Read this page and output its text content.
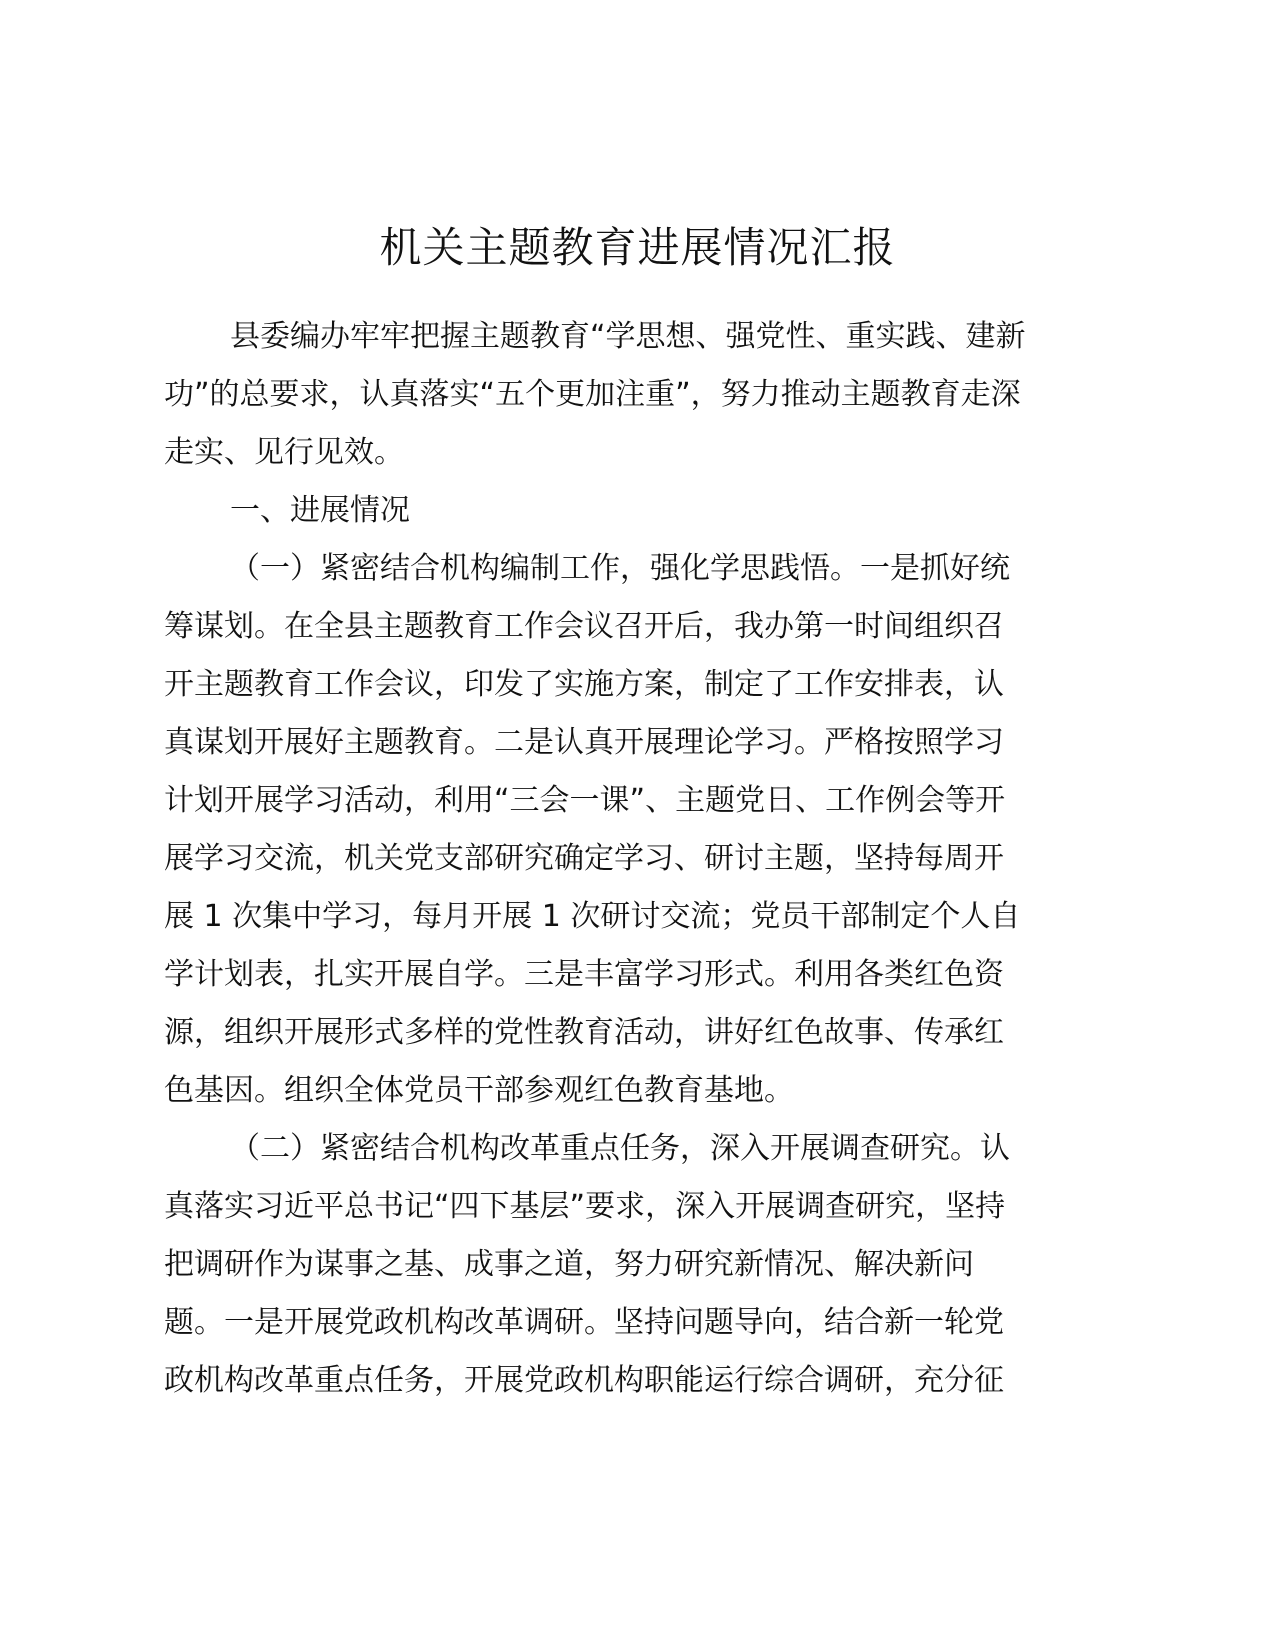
机关主题教育进展情况汇报
县委编办牢牢把握主题教育“学思想、强党性、重实践、建新
功”的总要求，认真落实“五个更加注重”，努力推动主题教育走深
走实、见行见效。
一、进展情况
（一）紧密结合机构编制工作，强化学思践悟。一是抓好统
筹谋划。在全县主题教育工作会议召开后，我办第一时间组织召
开主题教育工作会议，印发了实施方案，制定了工作安排表，认
真谋划开展好主题教育。二是认真开展理论学习。严格按照学习
计划开展学习活动，利用“三会一课”、主题党日、工作例会等开
展学习交流，机关党支部研究确定学习、研讨主题，坚持每周开
展 1 次集中学习，每月开展 1 次研讨交流；党员干部制定个人自
学计划表，扎实开展自学。三是丰富学习形式。利用各类红色资
源，组织开展形式多样的党性教育活动，讲好红色故事、传承红
色基因。组织全体党员干部参观红色教育基地。
（二）紧密结合机构改革重点任务，深入开展调查研究。认
真落实习近平总书记“四下基层”要求，深入开展调查研究，坚持
把调研作为谋事之基、成事之道，努力研究新情况、解决新问
题。一是开展党政机构改革调研。坚持问题导向，结合新一轮党
政机构改革重点任务，开展党政机构职能运行综合调研，充分征
